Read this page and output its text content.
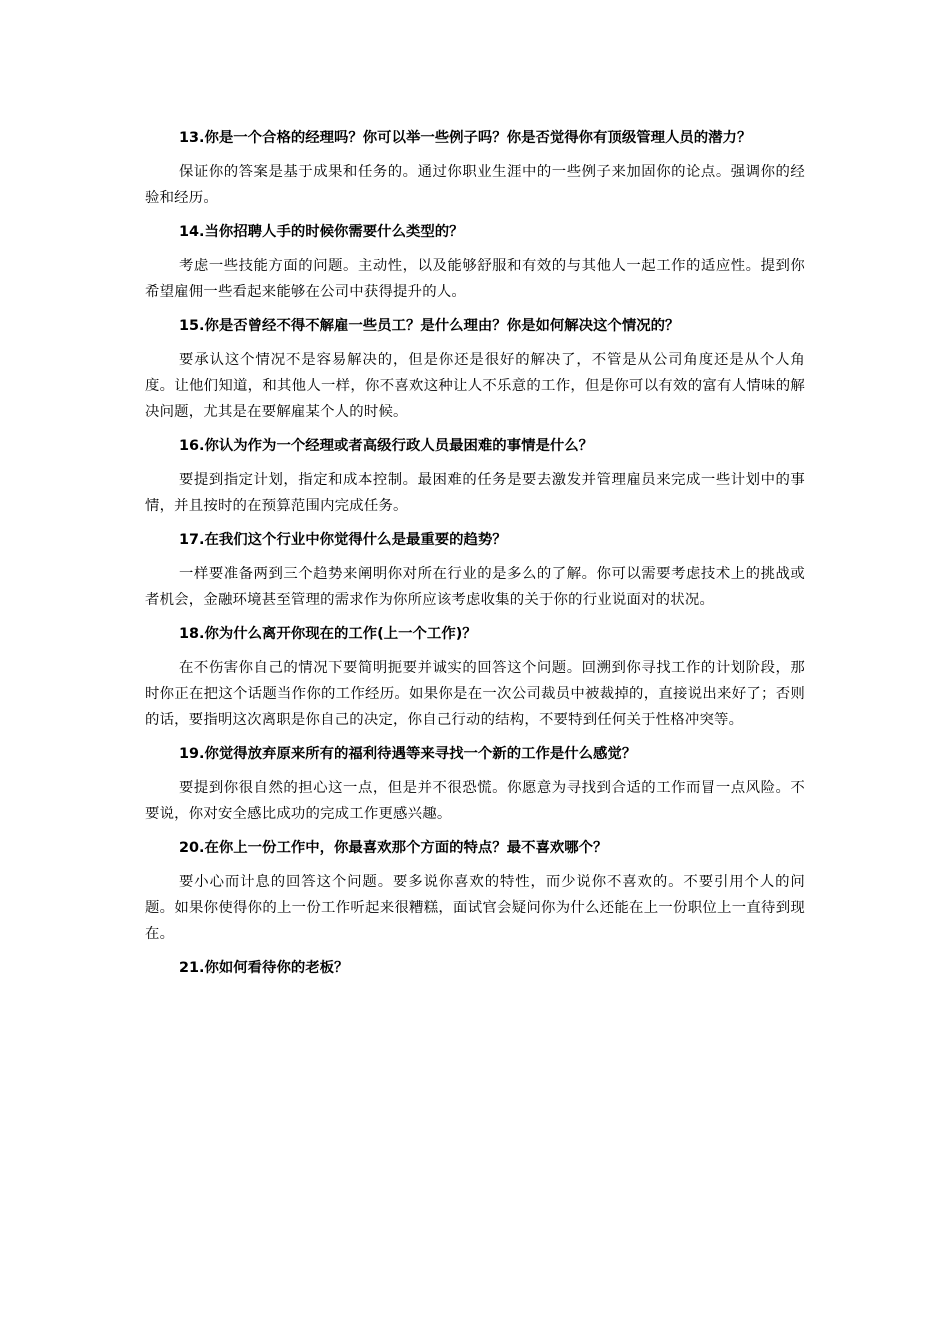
13.你是一个合格的经理吗？你可以举一些例子吗？你是否觉得你有顶级管理人员的潜力？

保证你的答案是基于成果和任务的。通过你职业生涯中的一些例子来加固你的论点。强调你的经验和经历。

14.当你招聘人手的时候你需要什么类型的？

考虑一些技能方面的问题。主动性，以及能够舒服和有效的与其他人一起工作的适应性。提到你希望雇佣一些看起来能够在公司中获得提升的人。

15.你是否曾经不得不解雇一些员工？是什么理由？你是如何解决这个情况的？

要承认这个情况不是容易解决的，但是你还是很好的解决了，不管是从公司角度还是从个人角度。让他们知道，和其他人一样，你不喜欢这种让人不乐意的工作，但是你可以有效的富有人情味的解决问题，尤其是在要解雇某个人的时候。

16.你认为作为一个经理或者高级行政人员最困难的事情是什么？

要提到指定计划，指定和成本控制。最困难的任务是要去激发并管理雇员来完成一些计划中的事情，并且按时的在预算范围内完成任务。

17.在我们这个行业中你觉得什么是最重要的趋势？

一样要准备两到三个趋势来阐明你对所在行业的是多么的了解。你可以需要考虑技术上的挑战或者机会，金融环境甚至管理的需求作为你所应该考虑收集的关于你的行业说面对的状况。

18.你为什么离开你现在的工作(上一个工作)？

在不伤害你自己的情况下要简明扼要并诚实的回答这个问题。回溯到你寻找工作的计划阶段，那时你正在把这个话题当作你的工作经历。如果你是在一次公司裁员中被裁掉的，直接说出来好了；否则的话，要指明这次离职是你自己的决定，你自己行动的结构，不要特到任何关于性格冲突等。

19.你觉得放弃原来所有的福利待遇等来寻找一个新的工作是什么感觉？

要提到你很自然的担心这一点，但是并不很恐慌。你愿意为寻找到合适的工作而冒一点风险。不要说，你对安全感比成功的完成工作更感兴趣。

20.在你上一份工作中，你最喜欢那个方面的特点？最不喜欢哪个？

要小心而计息的回答这个问题。要多说你喜欢的特性，而少说你不喜欢的。不要引用个人的问题。如果你使得你的上一份工作听起来很糟糕，面试官会疑问你为什么还能在上一份职位上一直待到现在。

21.你如何看待你的老板？
